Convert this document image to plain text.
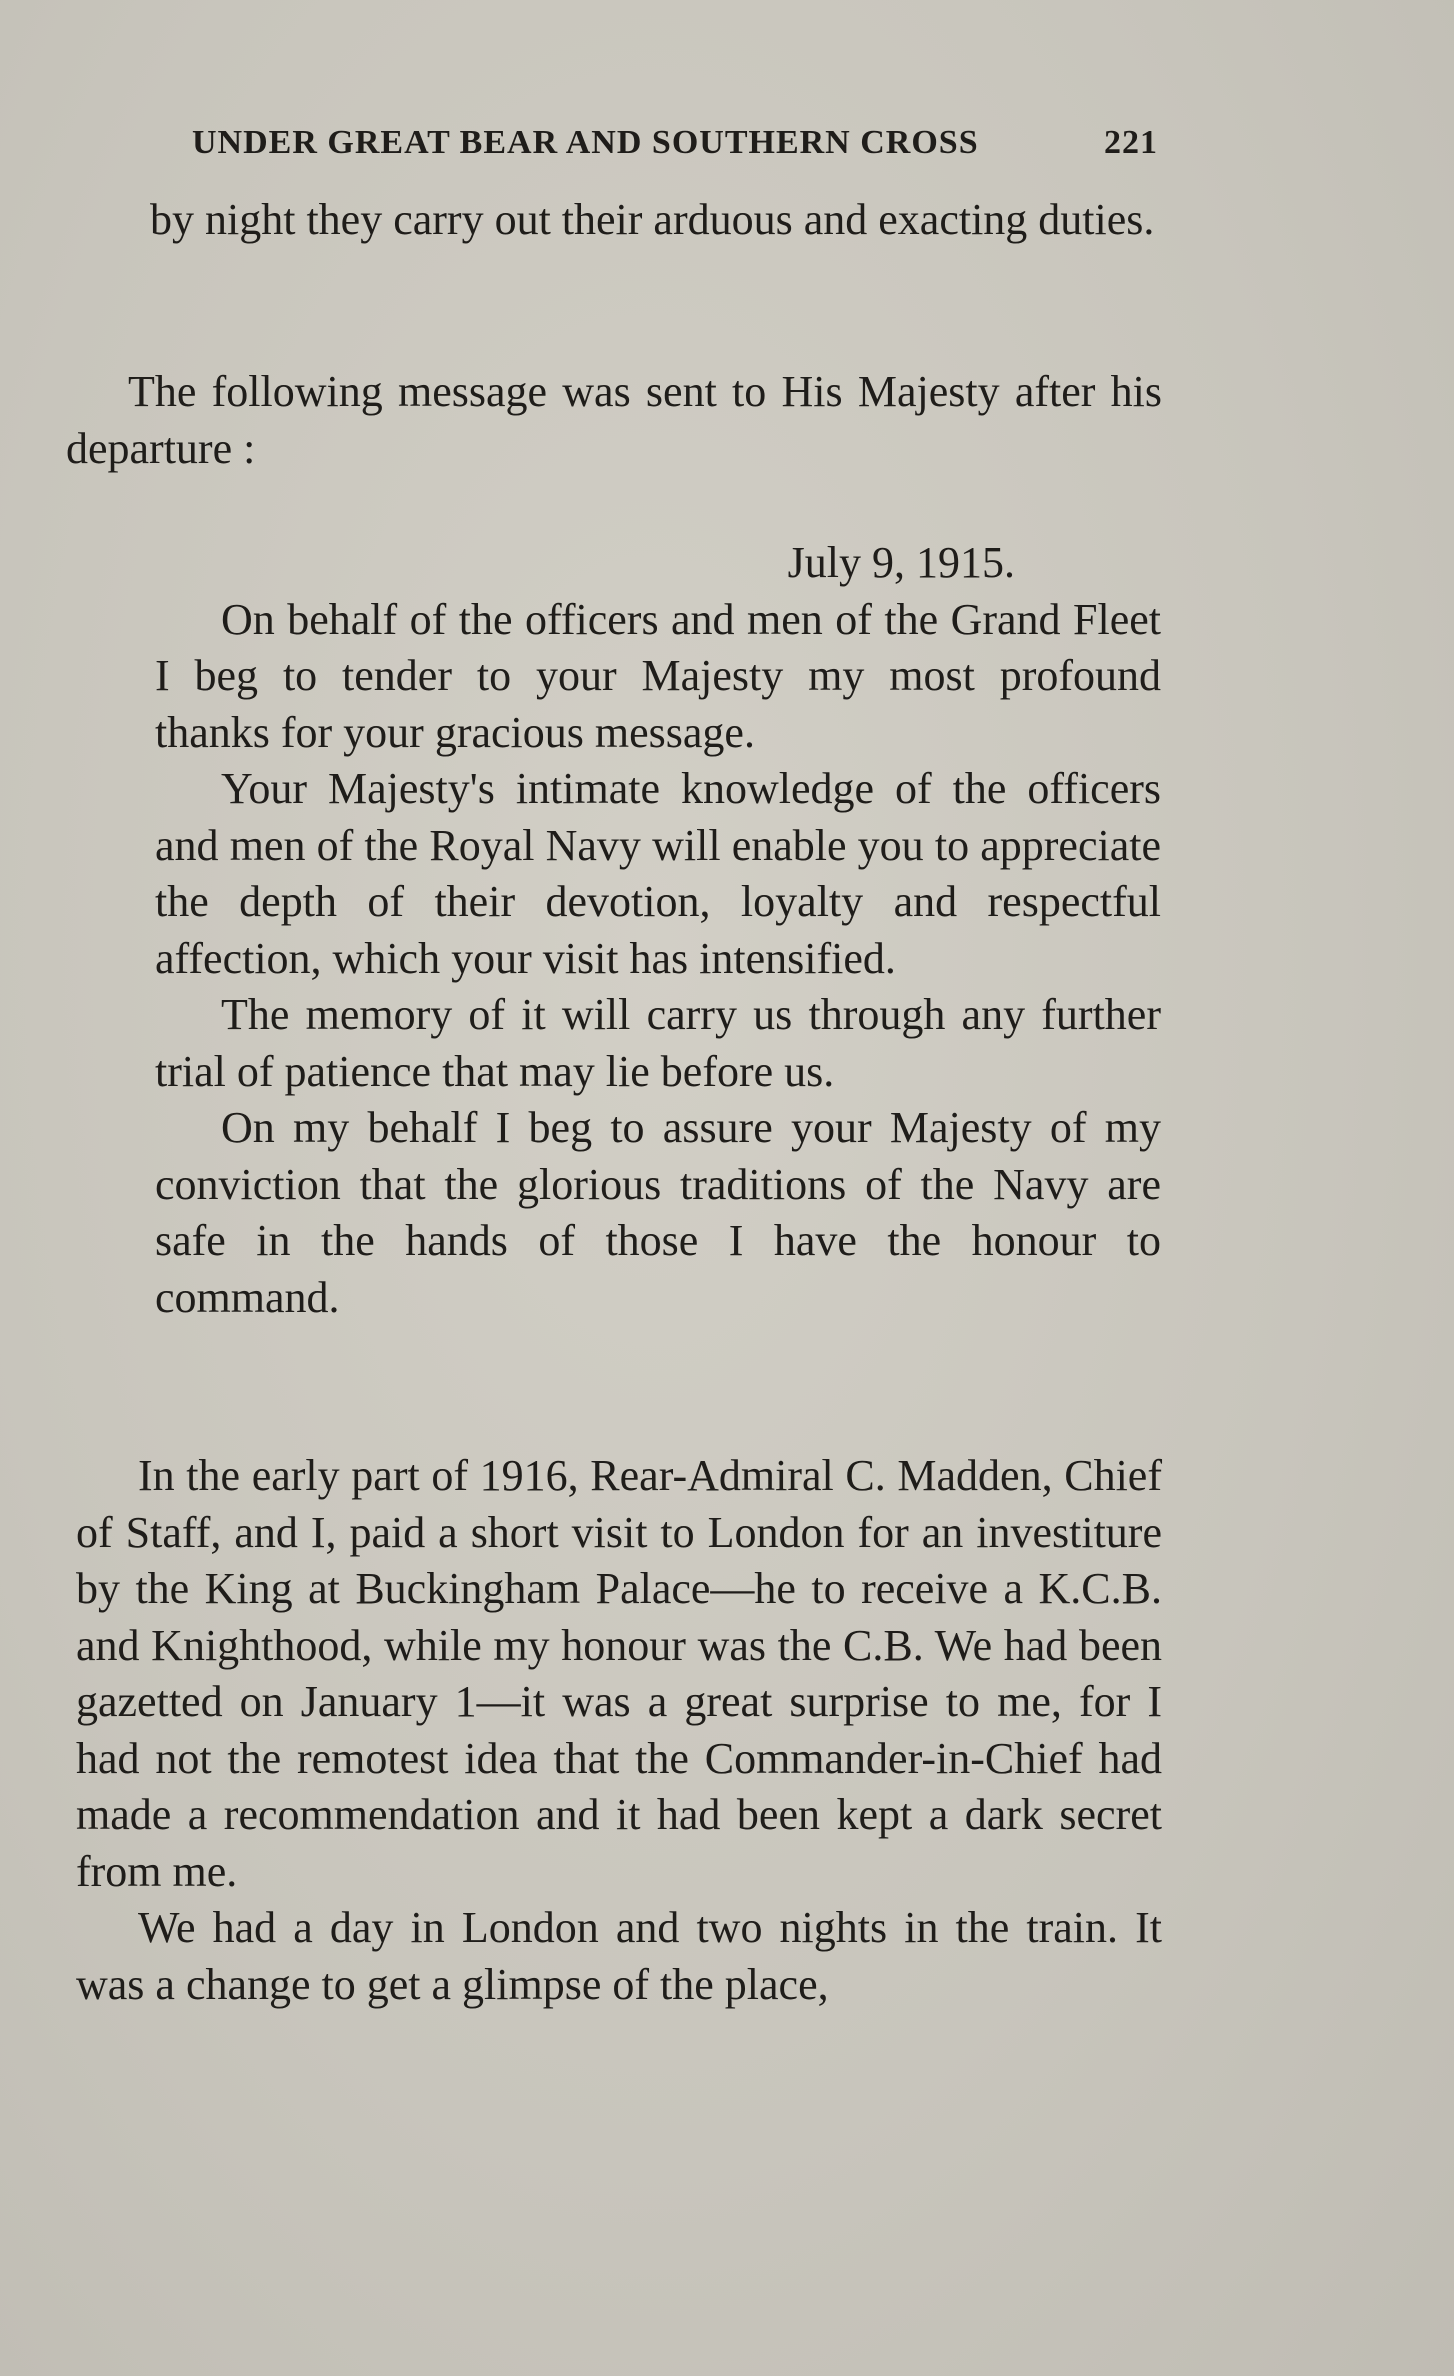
UNDER GREAT BEAR AND SOUTHERN CROSS	221

by night they carry out their arduous and exacting duties.

The following message was sent to His Majesty after his departure :

July 9, 1915.

On behalf of the officers and men of the Grand Fleet I beg to tender to your Majesty my most profound thanks for your gracious message.

Your Majesty's intimate knowledge of the officers and men of the Royal Navy will enable you to appreciate the depth of their devotion, loyalty and respectful affection, which your visit has intensified.

The memory of it will carry us through any further trial of patience that may lie before us.

On my behalf I beg to assure your Majesty of my conviction that the glorious traditions of the Navy are safe in the hands of those I have the honour to command.

In the early part of 1916, Rear-Admiral C. Madden, Chief of Staff, and I, paid a short visit to London for an investiture by the King at Buckingham Palace—he to receive a K.C.B. and Knighthood, while my honour was the C.B. We had been gazetted on January 1—it was a great surprise to me, for I had not the remotest idea that the Commander-in-Chief had made a recommendation and it had been kept a dark secret from me.

We had a day in London and two nights in the train. It was a change to get a glimpse of the place,
